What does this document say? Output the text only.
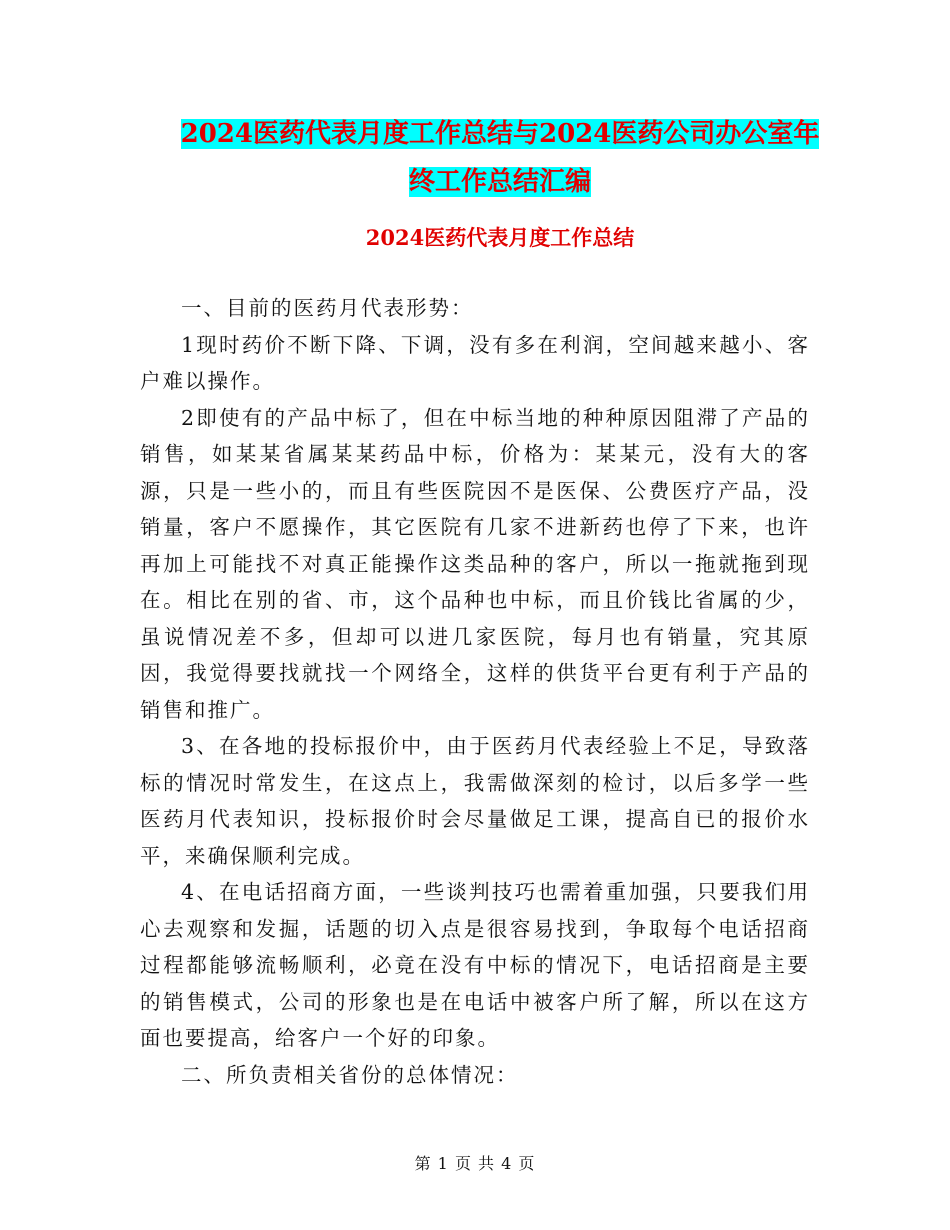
2024医药代表月度工作总结与2024医药公司办公室年
终工作总结汇编
2024医药代表月度工作总结

一、目前的医药月代表形势：

1现时药价不断下降、下调，没有多在利润，空间越来越小、客户难以操作。

2即使有的产品中标了，但在中标当地的种种原因阻滞了产品的销售，如某某省属某某药品中标，价格为：某某元，没有大的客源，只是一些小的，而且有些医院因不是医保、公费医疗产品，没销量，客户不愿操作，其它医院有几家不进新药也停了下来，也许再加上可能找不对真正能操作这类品种的客户，所以一拖就拖到现在。相比在别的省、市，这个品种也中标，而且价钱比省属的少，虽说情况差不多，但却可以进几家医院，每月也有销量，究其原因，我觉得要找就找一个网络全，这样的供货平台更有利于产品的销售和推广。

3、在各地的投标报价中，由于医药月代表经验上不足，导致落标的情况时常发生，在这点上，我需做深刻的检讨，以后多学一些医药月代表知识，投标报价时会尽量做足工课，提高自已的报价水平，来确保顺利完成。

4、在电话招商方面，一些谈判技巧也需着重加强，只要我们用心去观察和发掘，话题的切入点是很容易找到，争取每个电话招商过程都能够流畅顺利，必竟在没有中标的情况下，电话招商是主要的销售模式，公司的形象也是在电话中被客户所了解，所以在这方面也要提高，给客户一个好的印象。

二、所负责相关省份的总体情况：

第 1 页 共 4 页
